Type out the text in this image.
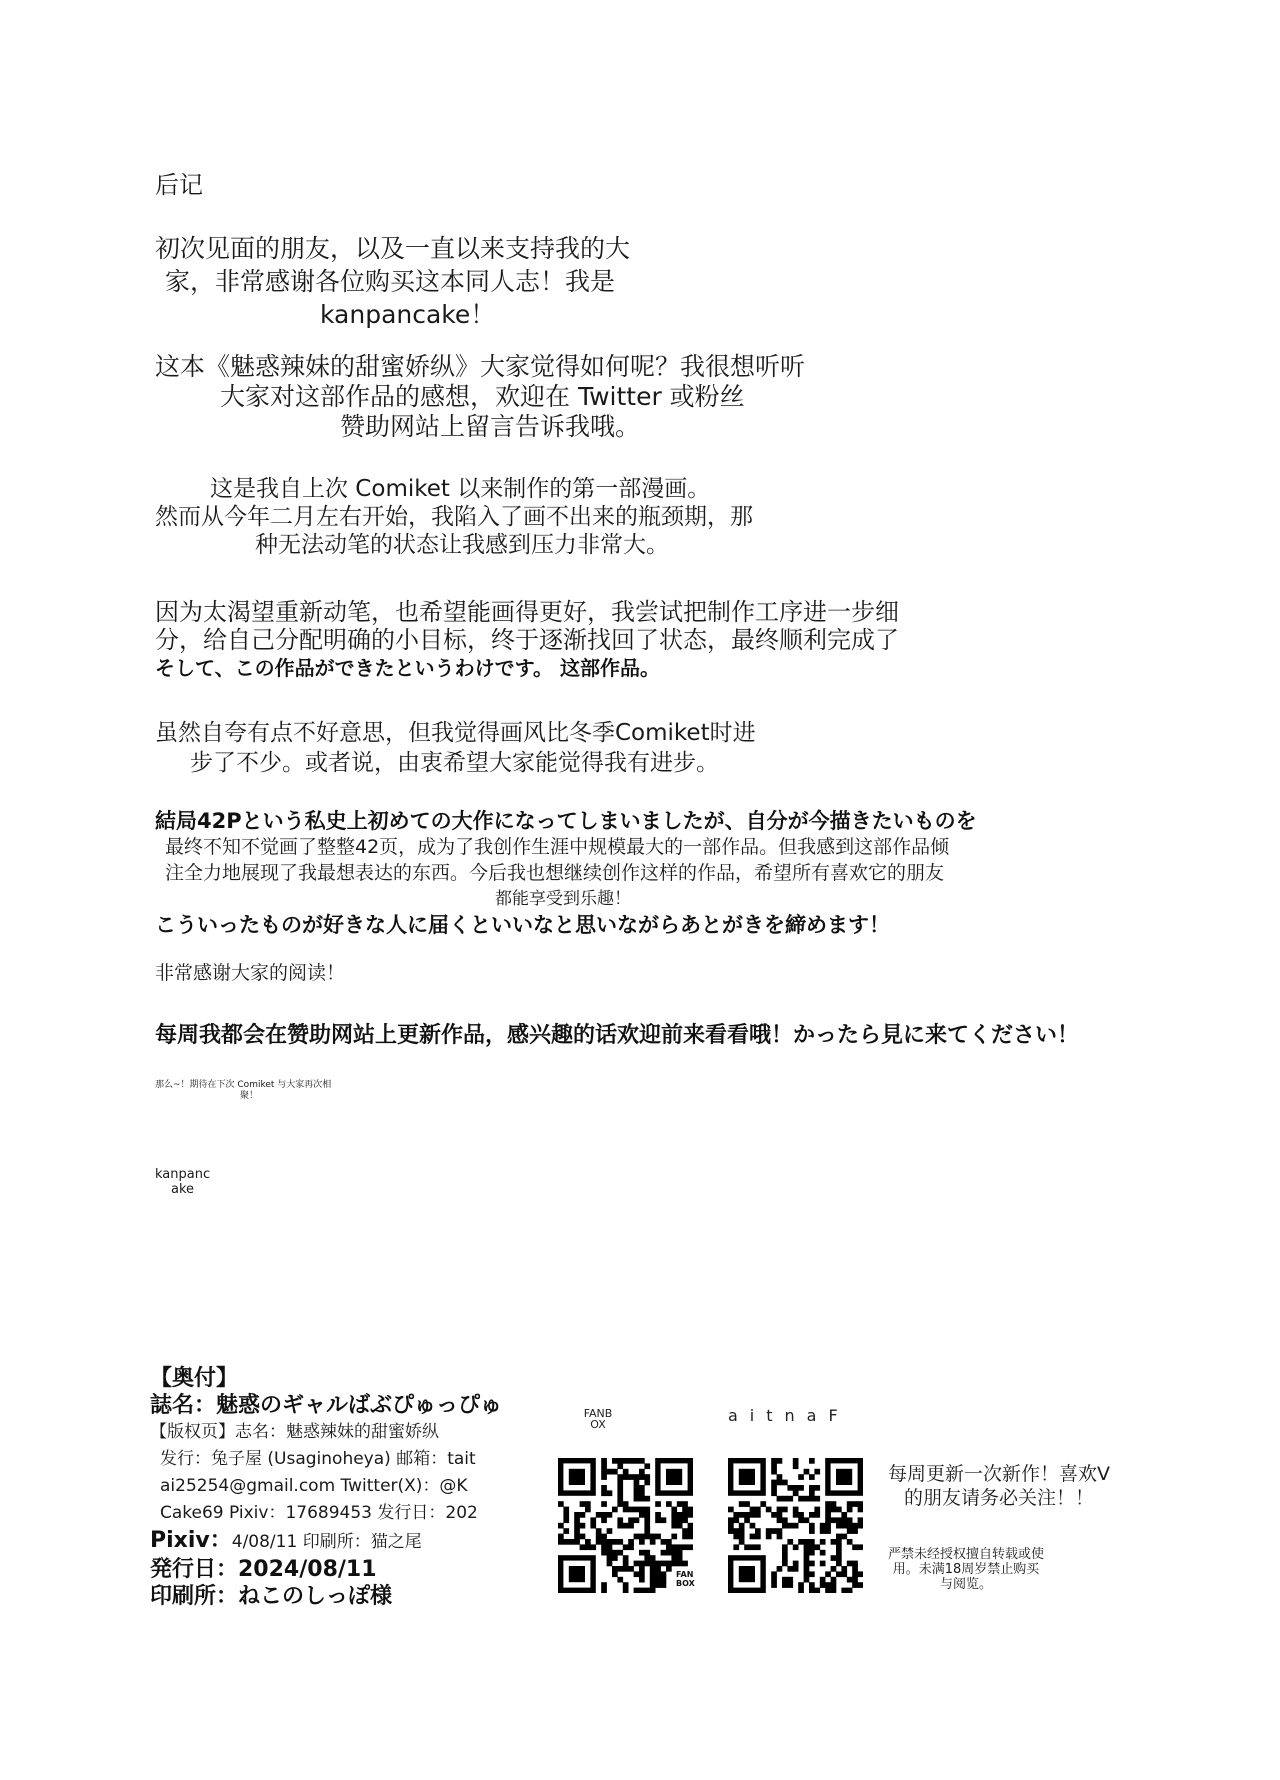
后记
初次见面的朋友，以及一直以来支持我的大
家，非常感谢各位购买这本同人志！我是
kanpancake！
这本《魅惑辣妹的甜蜜娇纵》大家觉得如何呢？我很想听听
大家对这部作品的感想，欢迎在 Twitter 或粉丝
赞助网站上留言告诉我哦。
这是我自上次 Comiket 以来制作的第一部漫画。
然而从今年二月左右开始，我陷入了画不出来的瓶颈期，那
种无法动笔的状态让我感到压力非常大。
因为太渴望重新动笔，也希望能画得更好，我尝试把制作工序进一步细
分，给自己分配明确的小目标，终于逐渐找回了状态，最终顺利完成了
そして、この作品ができたというわけです。 这部作品。
虽然自夸有点不好意思，但我觉得画风比冬季Comiket时进
步了不少。或者说，由衷希望大家能觉得我有进步。
結局42Pという私史上初めての大作になってしまいましたが、自分が今描きたいものを
最终不知不觉画了整整42页，成为了我创作生涯中规模最大的一部作品。但我感到这部作品倾
注全力地展现了我最想表达的东西。今后我也想继续创作这样的作品，希望所有喜欢它的朋友
都能享受到乐趣！
こういったものが好きな人に届くといいなと思いながらあとがきを締めます！
非常感谢大家的阅读！
每周我都会在赞助网站上更新作品，感兴趣的话欢迎前来看看哦！かったら見に来てください！
那么~！期待在下次 Comiket 与大家再次相
聚！
kanpanc
ake
【奥付】
誌名：魅惑のギャルばぶぴゅっぴゅ
【版权页】志名：魅惑辣妹的甜蜜娇纵
发行：兔子屋 (Usaginoheya) 邮箱：tait
ai25254@gmail.com Twitter(X)：@K
Cake69 Pixiv：17689453 发行日：202
Pixiv：4/08/11 印刷所：猫之尾
発行日：2024/08/11
印刷所：ねこのしっぽ様
FANB OX	aitnaF
FAN BOX
每周更新一次新作！喜欢V
的朋友请务必关注！！
严禁未经授权擅自转载或使
用。未满18周岁禁止购买
与阅览。
